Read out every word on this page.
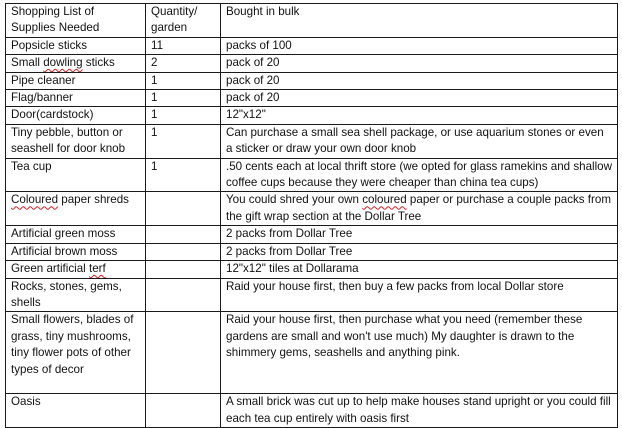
Shopping List of Supplies Needed	Quantity/ garden	Bought in bulk
Popsicle sticks	11	packs of 100
Small dowling sticks	2	pack of 20
Pipe cleaner	1	pack of 20
Flag/banner	1	pack of 20
Door(cardstock)	1	12"x12"
Tiny pebble, button or seashell for door knob	1	Can purchase a small sea shell package, or use aquarium stones or even a sticker or draw your own door knob
Tea cup	1	.50 cents each at local thrift store (we opted for glass ramekins and shallow coffee cups because they were cheaper than china tea cups)
Coloured paper shreds		You could shred your own coloured paper or purchase a couple packs from the gift wrap section at the Dollar Tree
Artificial green moss		2 packs from Dollar Tree
Artificial brown moss		2 packs from Dollar Tree
Green artificial terf		12"x12" tiles at Dollarama
Rocks, stones, gems, shells		Raid your house first, then buy a few packs from local Dollar store
Small flowers, blades of grass, tiny mushrooms, tiny flower pots of other types of decor		Raid your house first, then purchase what you need (remember these gardens are small and won't use much) My daughter is drawn to the shimmery gems, seashells and anything pink.
Oasis		A small brick was cut up to help make houses stand upright or you could fill each tea cup entirely with oasis first
